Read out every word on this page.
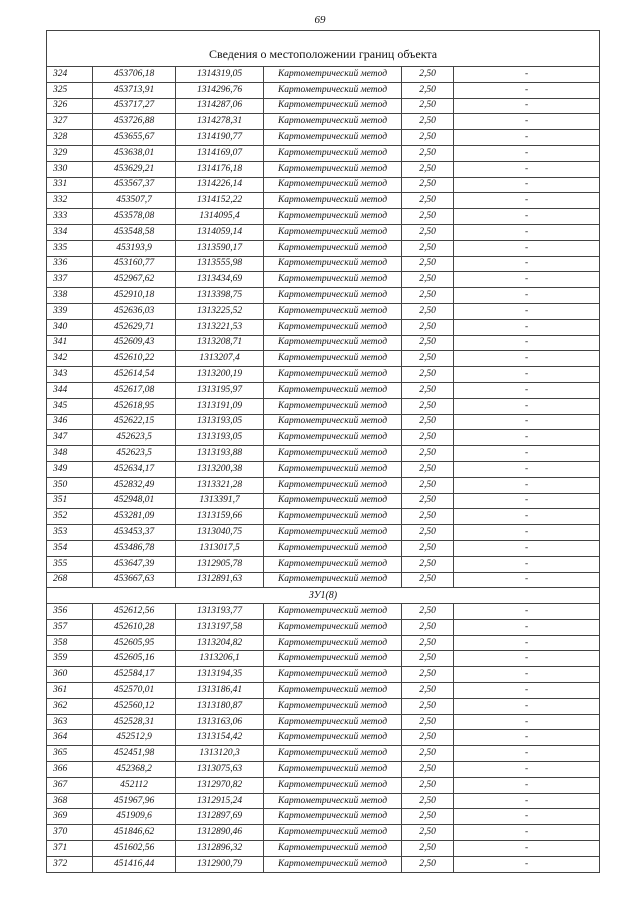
69
Сведения о местоположении границ объекта					
324	453706,18	1314319,05	Картометрический метод	2,50	-
325	453713,91	1314296,76	Картометрический метод	2,50	-
326	453717,27	1314287,06	Картометрический метод	2,50	-
327	453726,88	1314278,31	Картометрический метод	2,50	-
328	453655,67	1314190,77	Картометрический метод	2,50	-
329	453638,01	1314169,07	Картометрический метод	2,50	-
330	453629,21	1314176,18	Картометрический метод	2,50	-
331	453567,37	1314226,14	Картометрический метод	2,50	-
332	453507,7	1314152,22	Картометрический метод	2,50	-
333	453578,08	1314095,4	Картометрический метод	2,50	-
334	453548,58	1314059,14	Картометрический метод	2,50	-
335	453193,9	1313590,17	Картометрический метод	2,50	-
336	453160,77	1313555,98	Картометрический метод	2,50	-
337	452967,62	1313434,69	Картометрический метод	2,50	-
338	452910,18	1313398,75	Картометрический метод	2,50	-
339	452636,03	1313225,52	Картометрический метод	2,50	-
340	452629,71	1313221,53	Картометрический метод	2,50	-
341	452609,43	1313208,71	Картометрический метод	2,50	-
342	452610,22	1313207,4	Картометрический метод	2,50	-
343	452614,54	1313200,19	Картометрический метод	2,50	-
344	452617,08	1313195,97	Картометрический метод	2,50	-
345	452618,95	1313191,09	Картометрический метод	2,50	-
346	452622,15	1313193,05	Картометрический метод	2,50	-
347	452623,5	1313193,05	Картометрический метод	2,50	-
348	452623,5	1313193,88	Картометрический метод	2,50	-
349	452634,17	1313200,38	Картометрический метод	2,50	-
350	452832,49	1313321,28	Картометрический метод	2,50	-
351	452948,01	1313391,7	Картометрический метод	2,50	-
352	453281,09	1313159,66	Картометрический метод	2,50	-
353	453453,37	1313040,75	Картометрический метод	2,50	-
354	453486,78	1313017,5	Картометрический метод	2,50	-
355	453647,39	1312905,78	Картометрический метод	2,50	-
268	453667,63	1312891,63	Картометрический метод	2,50	-
ЗУ1(8)					
356	452612,56	1313193,77	Картометрический метод	2,50	-
357	452610,28	1313197,58	Картометрический метод	2,50	-
358	452605,95	1313204,82	Картометрический метод	2,50	-
359	452605,16	1313206,1	Картометрический метод	2,50	-
360	452584,17	1313194,35	Картометрический метод	2,50	-
361	452570,01	1313186,41	Картометрический метод	2,50	-
362	452560,12	1313180,87	Картометрический метод	2,50	-
363	452528,31	1313163,06	Картометрический метод	2,50	-
364	452512,9	1313154,42	Картометрический метод	2,50	-
365	452451,98	1313120,3	Картометрический метод	2,50	-
366	452368,2	1313075,63	Картометрический метод	2,50	-
367	452112	1312970,82	Картометрический метод	2,50	-
368	451967,96	1312915,24	Картометрический метод	2,50	-
369	451909,6	1312897,69	Картометрический метод	2,50	-
370	451846,62	1312890,46	Картометрический метод	2,50	-
371	451602,56	1312896,32	Картометрический метод	2,50	-
372	451416,44	1312900,79	Картометрический метод	2,50	-
